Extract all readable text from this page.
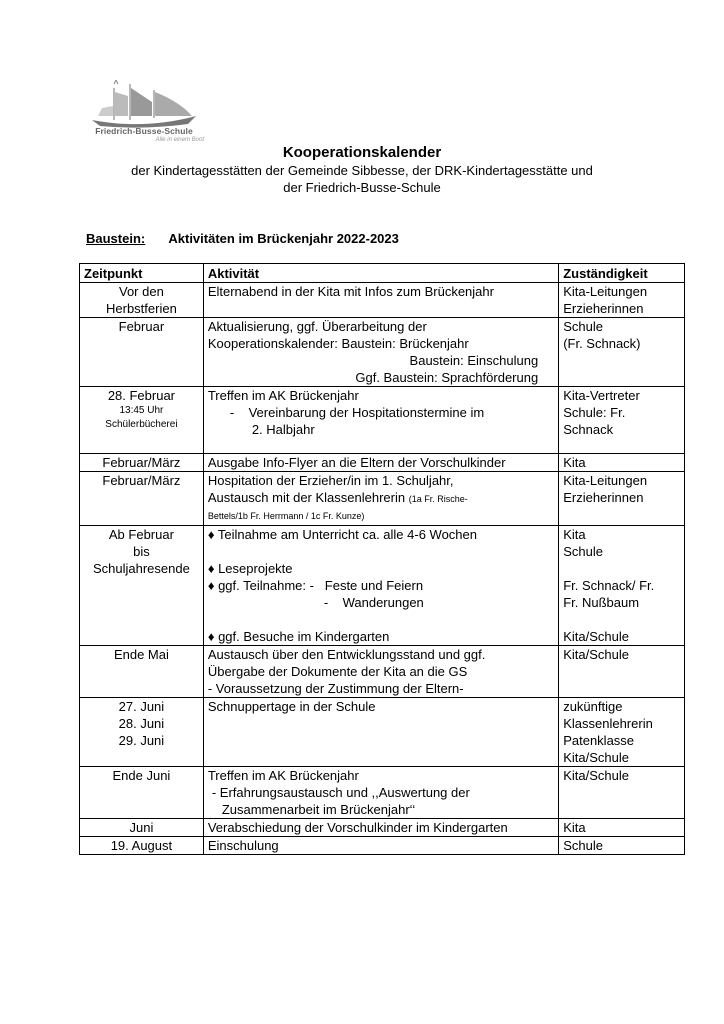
Friedrich-Busse-Schule
Alle in einem Boot
Kooperationskalender
der Kindertagesstätten der Gemeinde Sibbesse, der DRK-Kindertagesstätte und
der Friedrich-Busse-Schule
Baustein: Aktivitäten im Brückenjahr 2022-2023
Zeitpunkt	Aktivität	Zuständigkeit

Vor den
Herbstferien	Elternabend in der Kita mit Infos zum Brückenjahr	Kita-Leitungen
Erzieherinnen

Februar	Aktualisierung, ggf. Überarbeitung der
Kooperationskalender: Baustein: Brückenjahr
Baustein: Einschulung
Ggf. Baustein: Sprachförderung	Schule
(Fr. Schnack)

28. Februar
13:45 Uhr
Schülerbücherei	Treffen im AK Brückenjahr
-    Vereinbarung der Hospitationstermine im
2. Halbjahr	Kita-Vertreter
Schule: Fr.
Schnack

Februar/März	Ausgabe Info-Flyer an die Eltern der Vorschulkinder	Kita
Februar/März	Hospitation der Erzieher/in im 1. Schuljahr,
Austausch mit der Klassenlehrerin (1a Fr. Rische-
Bettels/1b Fr. Herrmann / 1c Fr. Kunze)	Kita-Leitungen
Erzieherinnen

Ab Februar
bis
Schuljahresende	♦ Teilnahme am Unterricht ca. alle 4-6 Wochen
♦ Leseprojekte
♦ ggf. Teilnahme: -   Feste und Feiern
-    Wanderungen
♦ ggf. Besuche im Kindergarten	Kita
Schule
Fr. Schnack/ Fr.
Fr. Nußbaum
Kita/Schule

Ende Mai	Austausch über den Entwicklungsstand und ggf.
Übergabe der Dokumente der Kita an die GS
- Voraussetzung der Zustimmung der Eltern-	Kita/Schule

27. Juni
28. Juni
29. Juni	Schnuppertage in der Schule	zukünftige
Klassenlehrerin
Patenklasse
Kita/Schule

Ende Juni	Treffen im AK Brückenjahr
- Erfahrungsaustausch und ,,Auswertung der
Zusammenarbeit im Brückenjahr‘‘	Kita/Schule
Juni	Verabschiedung der Vorschulkinder im Kindergarten	Kita
19. August	Einschulung	Schule
